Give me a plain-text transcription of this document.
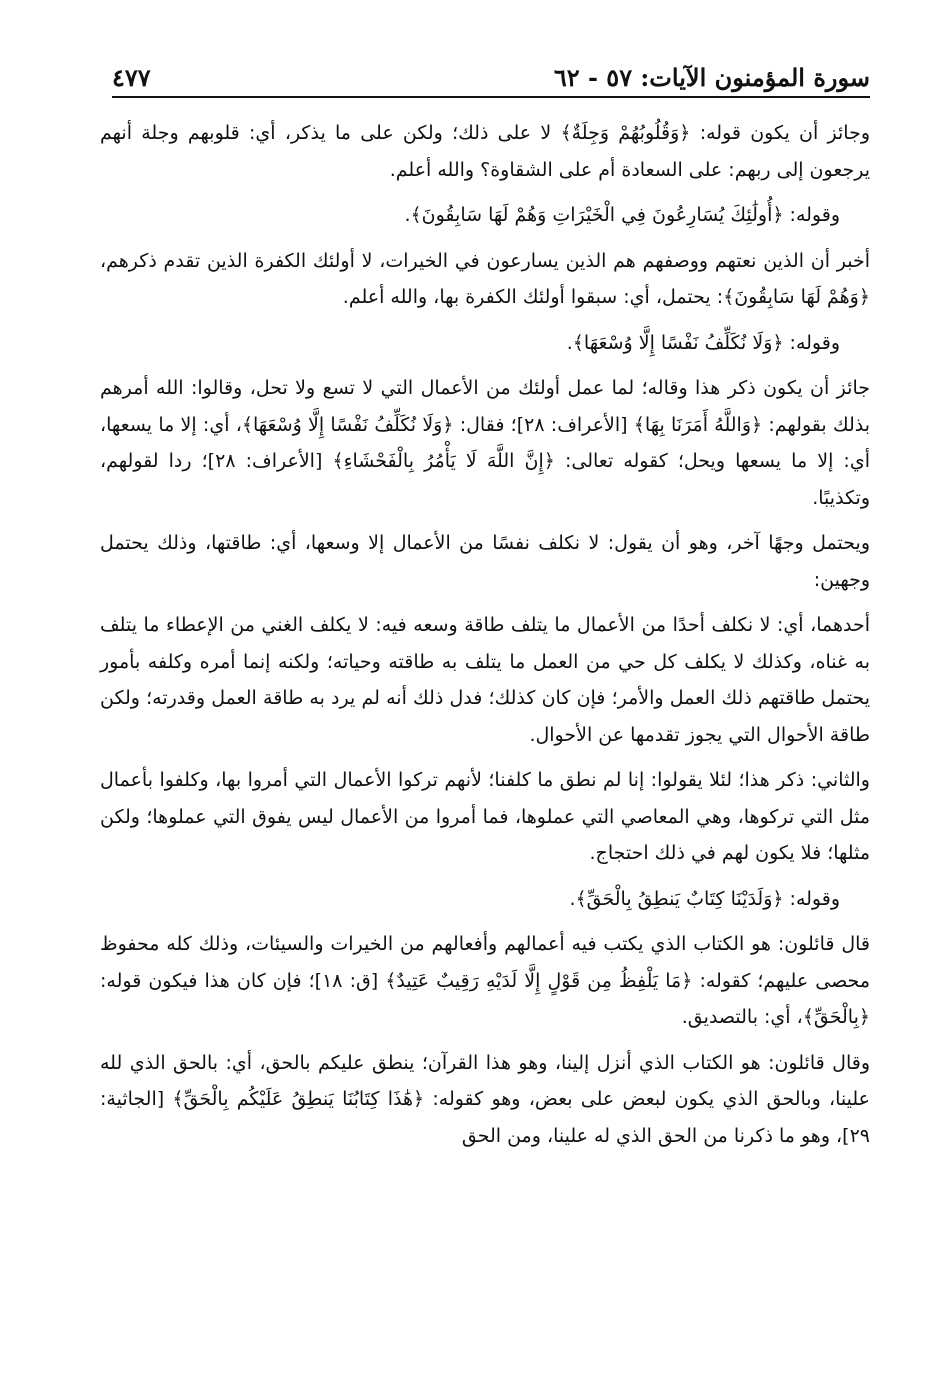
سورة المؤمنون الآيات: ٥٧ - ٦٢
٤٧٧

وجائز أن يكون قوله: ﴿وَقُلُوبُهُمْ وَجِلَةٌ﴾ لا على ذلك؛ ولكن على ما يذكر، أي: قلوبهم وجلة أنهم يرجعون إلى ربهم: على السعادة أم على الشقاوة؟ والله أعلم.

وقوله: ﴿أُولَٰئِكَ يُسَارِعُونَ فِي الْخَيْرَاتِ وَهُمْ لَهَا سَابِقُونَ﴾.

أخبر أن الذين نعتهم ووصفهم هم الذين يسارعون في الخيرات، لا أولئك الكفرة الذين تقدم ذكرهم، ﴿وَهُمْ لَهَا سَابِقُونَ﴾: يحتمل، أي: سبقوا أولئك الكفرة بها، والله أعلم.

وقوله: ﴿وَلَا نُكَلِّفُ نَفْسًا إِلَّا وُسْعَهَا﴾.

جائز أن يكون ذكر هذا وقاله؛ لما عمل أولئك من الأعمال التي لا تسع ولا تحل، وقالوا: الله أمرهم بذلك بقولهم: ﴿وَاللَّهُ أَمَرَنَا بِهَا﴾ [الأعراف: ٢٨]؛ فقال: ﴿وَلَا نُكَلِّفُ نَفْسًا إِلَّا وُسْعَهَا﴾، أي: إلا ما يسعها، أي: إلا ما يسعها ويحل؛ كقوله تعالى: ﴿إِنَّ اللَّهَ لَا يَأْمُرُ بِالْفَحْشَاءِ﴾ [الأعراف: ٢٨]؛ ردا لقولهم، وتكذيبًا.

ويحتمل وجهًا آخر، وهو أن يقول: لا نكلف نفسًا من الأعمال إلا وسعها، أي: طاقتها، وذلك يحتمل وجهين:

أحدهما، أي: لا نكلف أحدًا من الأعمال ما يتلف طاقة وسعه فيه: لا يكلف الغني من الإعطاء ما يتلف به غناه، وكذلك لا يكلف كل حي من العمل ما يتلف به طاقته وحياته؛ ولكنه إنما أمره وكلفه بأمور يحتمل طاقتهم ذلك العمل والأمر؛ فإن كان كذلك؛ فدل ذلك أنه لم يرد به طاقة العمل وقدرته؛ ولكن طاقة الأحوال التي يجوز تقدمها عن الأحوال.

والثاني: ذكر هذا؛ لئلا يقولوا: إنا لم نطق ما كلفنا؛ لأنهم تركوا الأعمال التي أمروا بها، وكلفوا بأعمال مثل التي تركوها، وهي المعاصي التي عملوها، فما أمروا من الأعمال ليس يفوق التي عملوها؛ ولكن مثلها؛ فلا يكون لهم في ذلك احتجاج.

وقوله: ﴿وَلَدَيْنَا كِتَابٌ يَنطِقُ بِالْحَقِّ﴾.

قال قائلون: هو الكتاب الذي يكتب فيه أعمالهم وأفعالهم من الخيرات والسيئات، وذلك كله محفوظ محصى عليهم؛ كقوله: ﴿مَا يَلْفِظُ مِن قَوْلٍ إِلَّا لَدَيْهِ رَقِيبٌ عَتِيدٌ﴾ [ق: ١٨]؛ فإن كان هذا فيكون قوله: ﴿بِالْحَقِّ﴾، أي: بالتصديق.

وقال قائلون: هو الكتاب الذي أنزل إلينا، وهو هذا القرآن؛ ينطق عليكم بالحق، أي: بالحق الذي لله علينا، وبالحق الذي يكون لبعض على بعض، وهو كقوله: ﴿هَٰذَا كِتَابُنَا يَنطِقُ عَلَيْكُم بِالْحَقِّ﴾ [الجاثية: ٢٩]، وهو ما ذكرنا من الحق الذي له علينا، ومن الحق
